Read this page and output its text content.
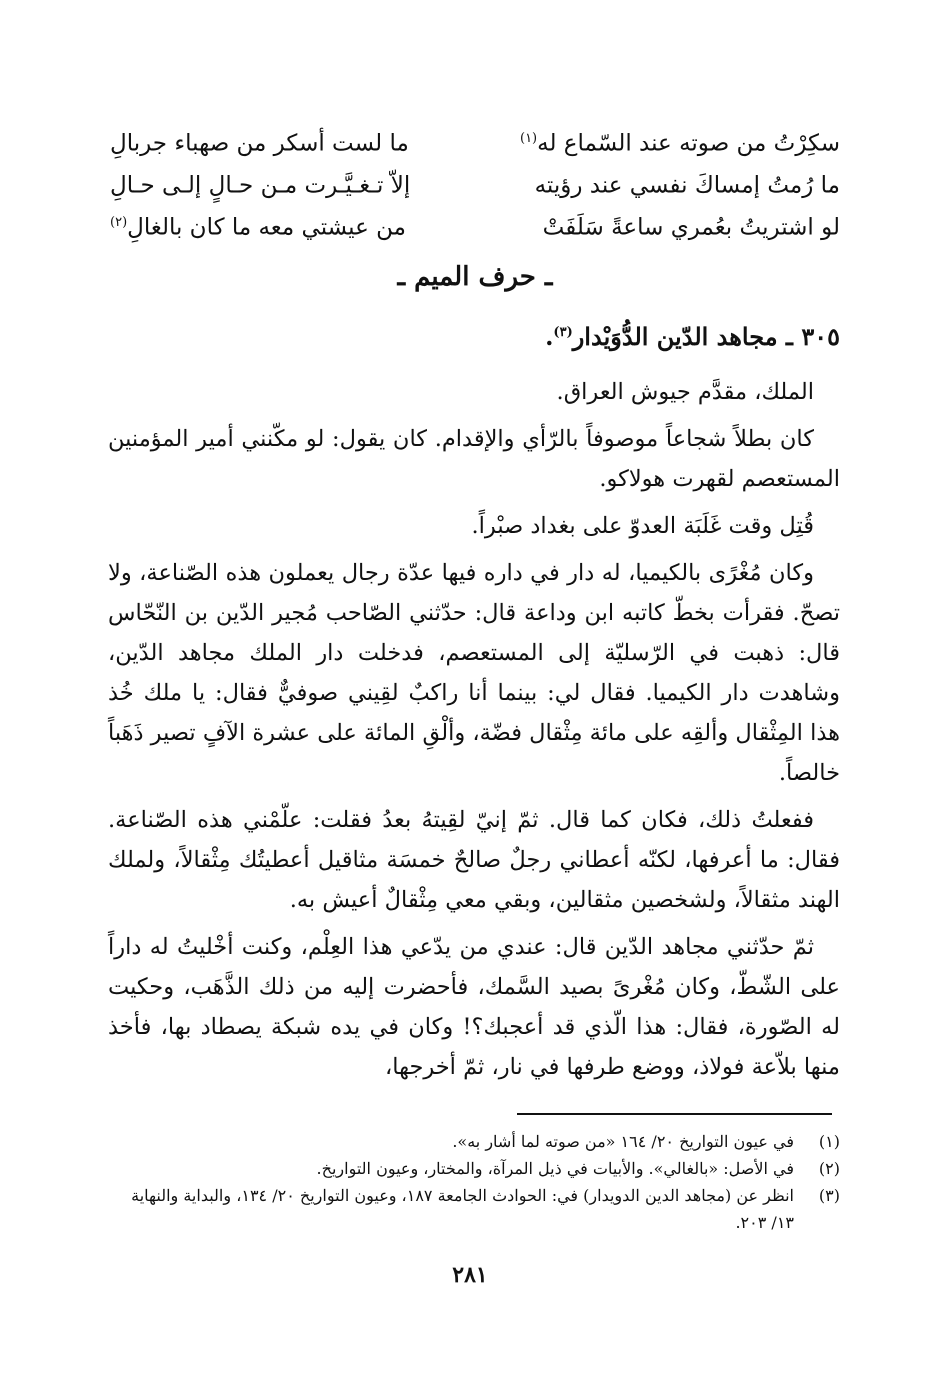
سكِرْتُ من صوته عند السّماع له$^{(١)}$
ما لست أسكر من صهباء جربالِ
ما رُمتُ إمساكَ نفسي عند رؤيته
إلاّ تـغـيَّـرت مـن حـالٍ إلـى حـالِ
لو اشتريتُ بعُمري ساعةً سَلَفَتْ
من عيشتي معه ما كان بالغالِ$^{(٢)}$
ـ حرف الميم ـ
٣٠٥ ـ مجاهد الدّين الدُّوَيْدار$^{(٣)}$.

الملك، مقدَّم جيوش العراق.

كان بطلاً شجاعاً موصوفاً بالرّأي والإقدام. كان يقول: لو مكّنني أمير المؤمنين المستعصم لقهرت هولاكو.

قُتِل وقت غَلَبَة العدوّ على بغداد صبْراً.

وكان مُغْرًى بالكيميا، له دار في داره فيها عدّة رجال يعملون هذه الصّناعة، ولا تصحّ. فقرأت بخطّ كاتبه ابن وداعة قال: حدّثني الصّاحب مُجير الدّين بن النّحّاس قال: ذهبت في الرّسليّة إلى المستعصم، فدخلت دار الملك مجاهد الدّين، وشاهدت دار الكيميا. فقال لي: بينما أنا راكبٌ لقِيني صوفيٌّ فقال: يا ملك خُذ هذا المِثْقال وألقِه على مائة مِثْقال فضّة، وألْقِ المائة على عشرة الآفٍ تصير ذَهَباً خالصاً.

ففعلتُ ذلك، فكان كما قال. ثمّ إنيّ لقِيتهُ بعدُ فقلت: علّمْني هذه الصّناعة. فقال: ما أعرفها، لكنّه أعطاني رجلٌ صالحٌ خمسَة مثاقيل أعطيتُك مِثْقالاً، ولملك الهند مثقالاً، ولشخصين مثقالين، وبقي معي مِثْقالٌ أعيش به.

ثمّ حدّثني مجاهد الدّين قال: عندي من يدّعي هذا العِلْم، وكنت أخْليتُ له داراً على الشّطّ، وكان مُغْرىً بصيد السَّمك، فأحضرت إليه من ذلك الذَّهَب، وحكيت له الصّورة، فقال: هذا الّذي قد أعجبك؟! وكان في يده شبكة يصطاد بها، فأخذ منها بلاّعة فولاذ، ووضع طرفها في نار، ثمّ أخرجها،

(١)
في عيون التواريخ ٢٠/ ١٦٤ «من صوته لما أشار به».
(٢)
في الأصل: «بالغالي». والأبيات في ذيل المرآة، والمختار، وعيون التواريخ.
(٣)
انظر عن (مجاهد الدين الدويدار) في: الحوادث الجامعة ١٨٧، وعيون التواريخ ٢٠/ ١٣٤، والبداية والنهاية ١٣/ ٢٠٣.
٢٨١
